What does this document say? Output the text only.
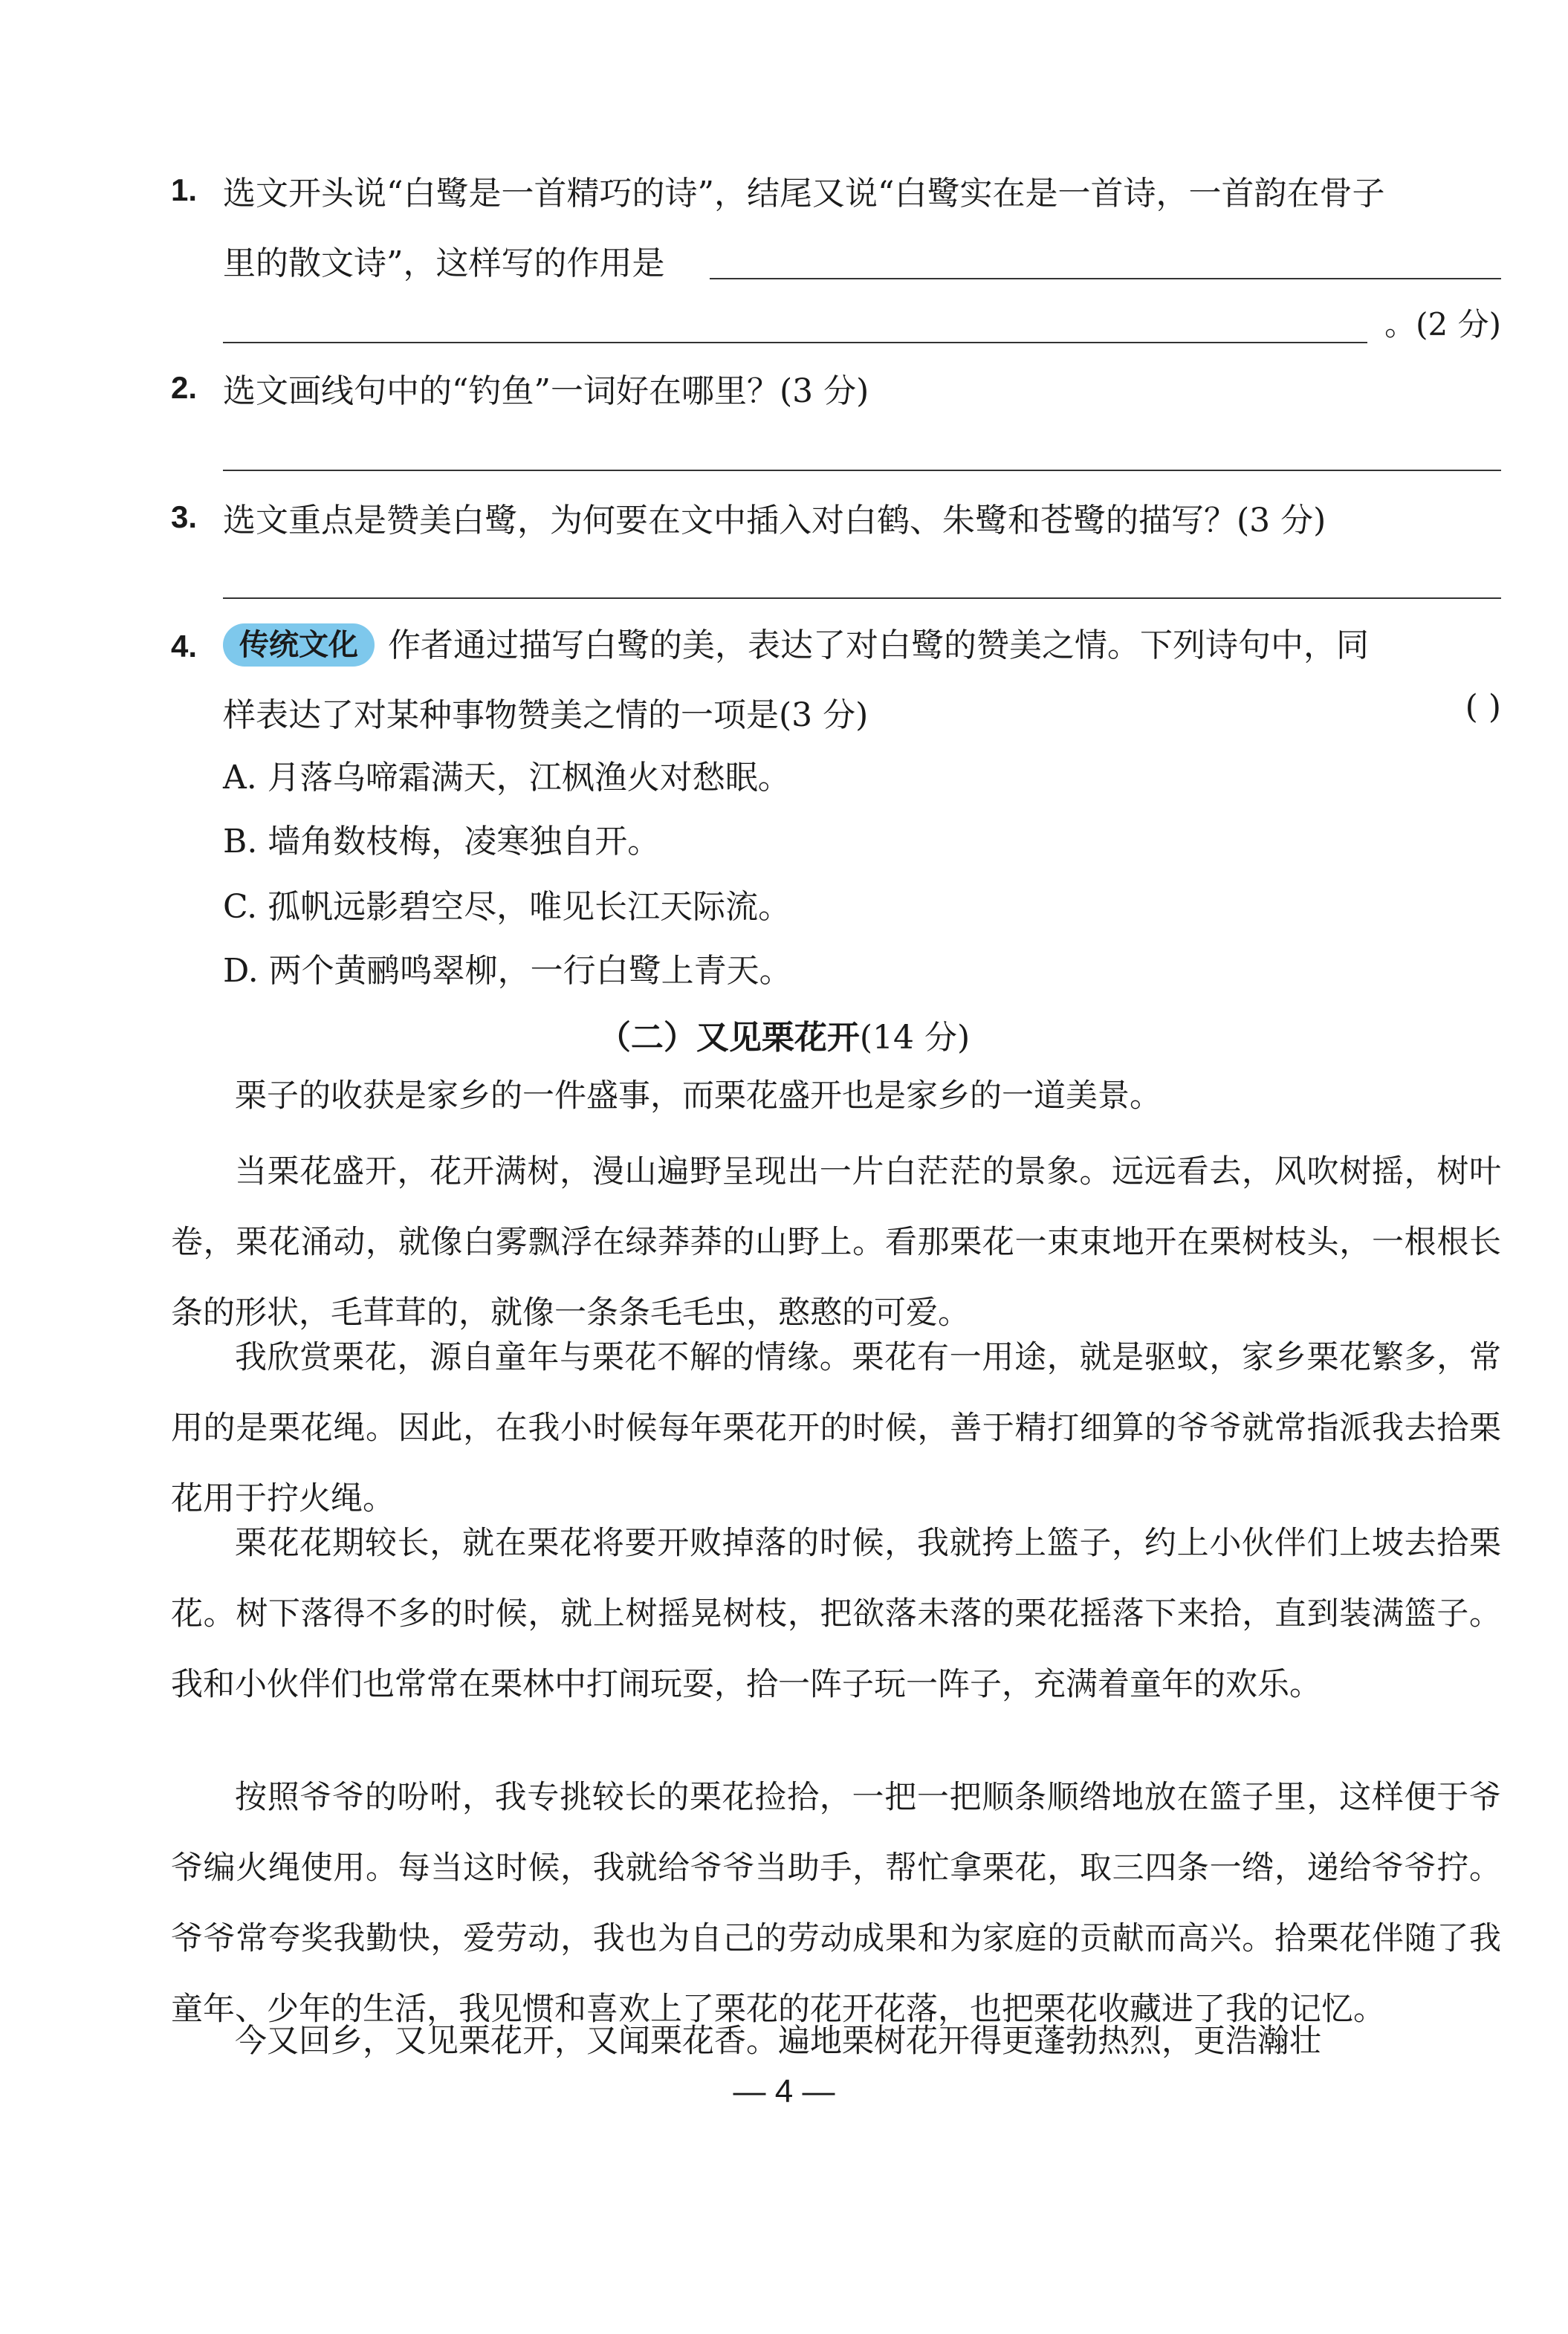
1. 选文开头说“白鹭是一首精巧的诗”，结尾又说“白鹭实在是一首诗，一首韵在骨子
里的散文诗”，这样写的作用是
。(2 分)
2. 选文画线句中的“钓鱼”一词好在哪里？(3 分)
3. 选文重点是赞美白鹭，为何要在文中插入对白鹤、朱鹭和苍鹭的描写？(3 分)
4.	传统文化 作者通过描写白鹭的美，表达了对白鹭的赞美之情。下列诗句中，同
样表达了对某种事物赞美之情的一项是(3 分)	( )
A. 月落乌啼霜满天，江枫渔火对愁眠。
B. 墙角数枝梅，凌寒独自开。
C. 孤帆远影碧空尽，唯见长江天际流。
D. 两个黄鹂鸣翠柳，一行白鹭上青天。
（二）又见栗花开(14 分)
栗子的收获是家乡的一件盛事，而栗花盛开也是家乡的一道美景。
当栗花盛开，花开满树，漫山遍野呈现出一片白茫茫的景象。远远看去，风吹树摇，树叶卷，栗花涌动，就像白雾飘浮在绿莽莽的山野上。看那栗花一束束地开在栗树枝头，一根根长条的形状，毛茸茸的，就像一条条毛毛虫，憨憨的可爱。
我欣赏栗花，源自童年与栗花不解的情缘。栗花有一用途，就是驱蚊，家乡栗花繁多，常用的是栗花绳。因此，在我小时候每年栗花开的时候，善于精打细算的爷爷就常指派我去拾栗花用于拧火绳。
栗花花期较长，就在栗花将要开败掉落的时候，我就挎上篮子，约上小伙伴们上坡去拾栗花。树下落得不多的时候，就上树摇晃树枝，把欲落未落的栗花摇落下来拾，直到装满篮子。我和小伙伴们也常常在栗林中打闹玩耍，拾一阵子玩一阵子，充满着童年的欢乐。
按照爷爷的吩咐，我专挑较长的栗花捡拾，一把一把顺条顺绺地放在篮子里，这样便于爷爷编火绳使用。每当这时候，我就给爷爷当助手，帮忙拿栗花，取三四条一绺，递给爷爷拧。爷爷常夸奖我勤快，爱劳动，我也为自己的劳动成果和为家庭的贡献而高兴。拾栗花伴随了我童年、少年的生活，我见惯和喜欢上了栗花的花开花落，也把栗花收藏进了我的记忆。
今又回乡，又见栗花开，又闻栗花香。遍地栗树花开得更蓬勃热烈，更浩瀚壮
— 4 —
